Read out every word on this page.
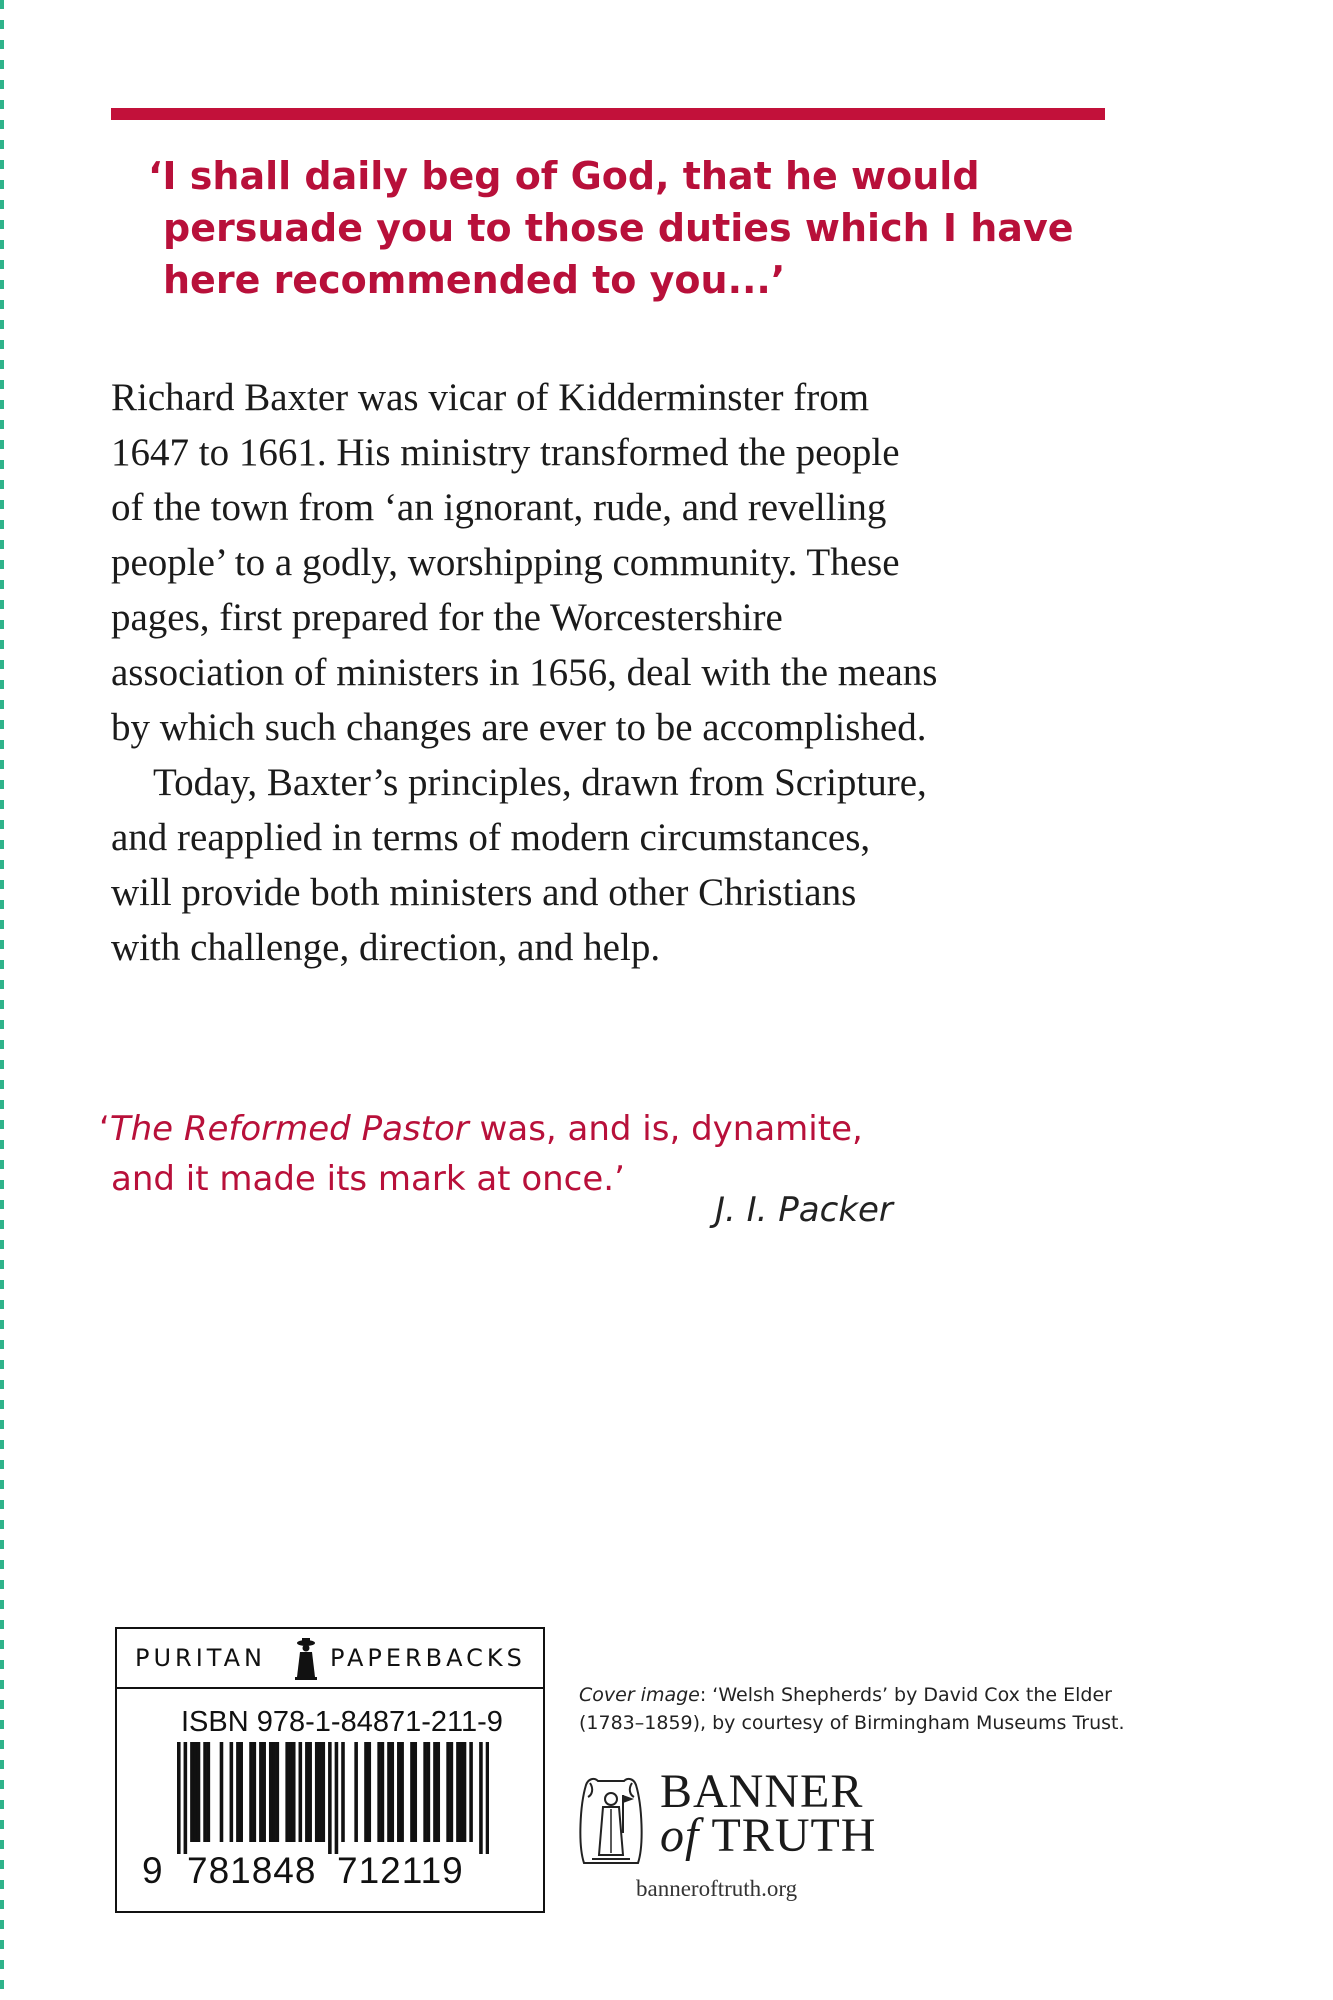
‘I shall daily beg of God, that he would
persuade you to those duties which I have
here recommended to you...’

Richard Baxter was vicar of Kidderminster from
1647 to 1661. His ministry transformed the people
of the town from ‘an ignorant, rude, and revelling
people’ to a godly, worshipping community. These
pages, first prepared for the Worcestershire
association of ministers in 1656, deal with the means
by which such changes are ever to be accomplished.

Today, Baxter’s principles, drawn from Scripture,
and reapplied in terms of modern circumstances,
will provide both ministers and other Christians
with challenge, direction, and help.

‘The Reformed Pastor was, and is, dynamite,
and it made its mark at once.’
J. I. Packer
PURITAN	PAPERBACKS
ISBN 978-1-84871-211-9
9 781848 712119
Cover image: ‘Welsh Shepherds’ by David Cox the Elder
(1783–1859), by courtesy of Birmingham Museums Trust.
BANNER
of TRUTH
banneroftruth.org
